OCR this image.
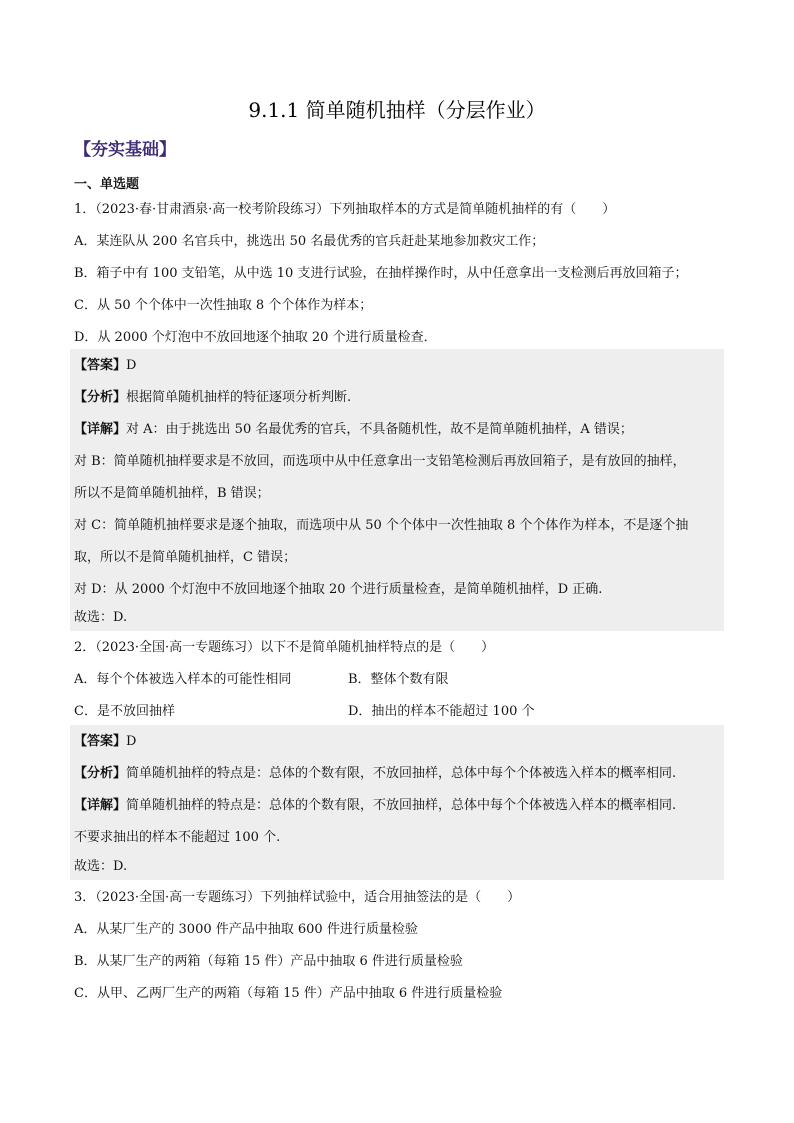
9.1.1 简单随机抽样（分层作业）
【夯实基础】
一、单选题
1．（2023·春·甘肃酒泉·高一校考阶段练习）下列抽取样本的方式是简单随机抽样的有（　　）
A．某连队从 200 名官兵中，挑选出 50 名最优秀的官兵赶赴某地参加救灾工作；
B．箱子中有 100 支铅笔，从中选 10 支进行试验，在抽样操作时，从中任意拿出一支检测后再放回箱子；
C．从 50 个个体中一次性抽取 8 个个体作为样本；
D．从 2000 个灯泡中不放回地逐个抽取 20 个进行质量检查．
【答案】D
【分析】根据简单随机抽样的特征逐项分析判断.
【详解】对 A：由于挑选出 50 名最优秀的官兵，不具备随机性，故不是简单随机抽样，A 错误；
对 B：简单随机抽样要求是不放回，而选项中从中任意拿出一支铅笔检测后再放回箱子，是有放回的抽样，
所以不是简单随机抽样，B 错误；
对 C：简单随机抽样要求是逐个抽取，而选项中从 50 个个体中一次性抽取 8 个个体作为样本，不是逐个抽
取，所以不是简单随机抽样，C 错误；
对 D：从 2000 个灯泡中不放回地逐个抽取 20 个进行质量检查，是简单随机抽样，D 正确.
故选：D.
2．（2023·全国·高一专题练习）以下不是简单随机抽样特点的是（　　）
A．每个个体被选入样本的可能性相同	B．整体个数有限
C．是不放回抽样	D．抽出的样本不能超过 100 个
【答案】D
【分析】简单随机抽样的特点是：总体的个数有限，不放回抽样，总体中每个个体被选入样本的概率相同.
【详解】简单随机抽样的特点是：总体的个数有限，不放回抽样，总体中每个个体被选入样本的概率相同.
不要求抽出的样本不能超过 100 个.
故选：D.
3．（2023·全国·高一专题练习）下列抽样试验中，适合用抽签法的是（　　）
A．从某厂生产的 3000 件产品中抽取 600 件进行质量检验
B．从某厂生产的两箱（每箱 15 件）产品中抽取 6 件进行质量检验
C．从甲、乙两厂生产的两箱（每箱 15 件）产品中抽取 6 件进行质量检验
